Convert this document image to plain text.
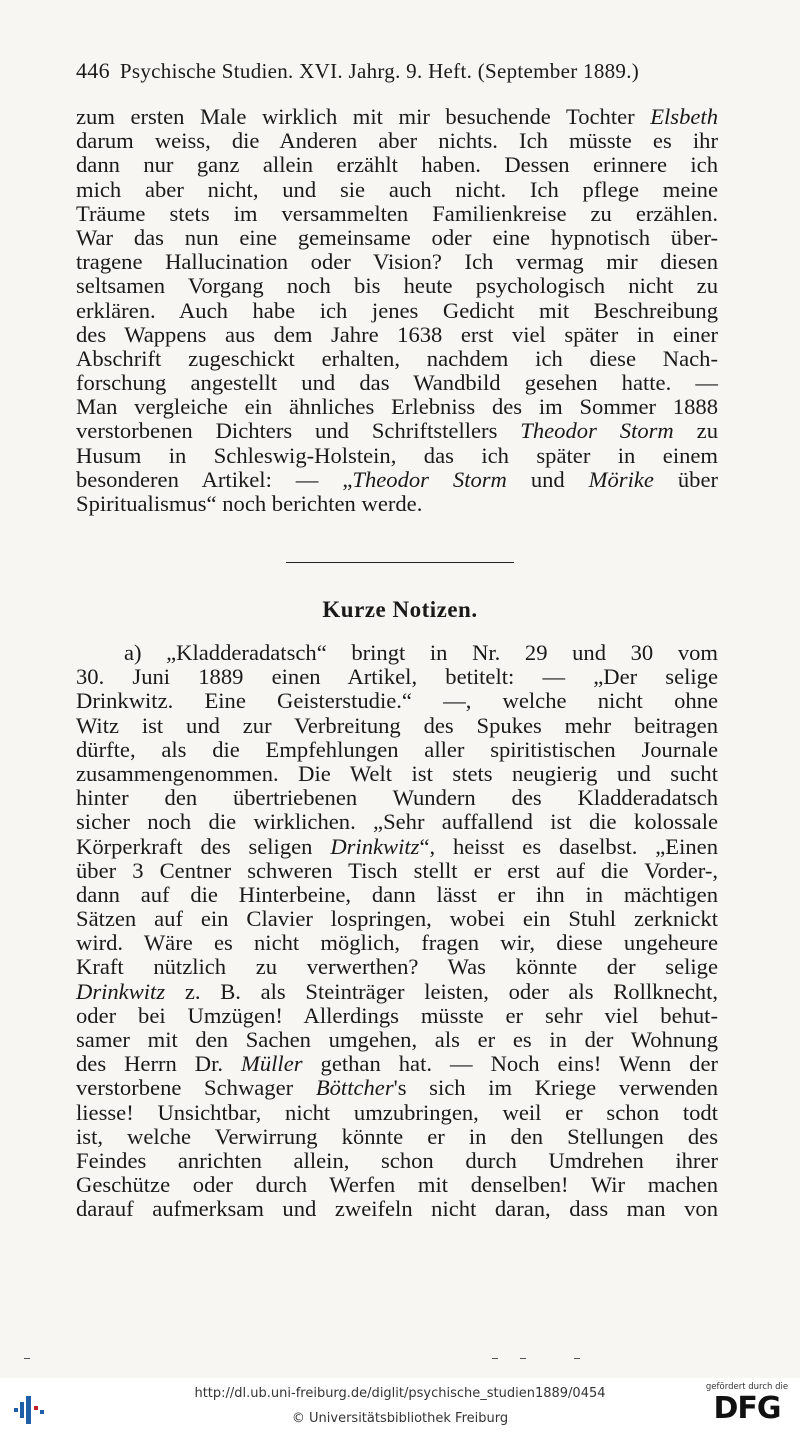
446 Psychische Studien. XVI. Jahrg. 9. Heft. (September 1889.)
zum ersten Male wirklich mit mir besuchende Tochter Elsbeth
darum weiss, die Anderen aber nichts. Ich müsste es ihr
dann nur ganz allein erzählt haben. Dessen erinnere ich
mich aber nicht, und sie auch nicht. Ich pflege meine
Träume stets im versammelten Familienkreise zu erzählen.
War das nun eine gemeinsame oder eine hypnotisch über-
tragene Hallucination oder Vision? Ich vermag mir diesen
seltsamen Vorgang noch bis heute psychologisch nicht zu
erklären. Auch habe ich jenes Gedicht mit Beschreibung
des Wappens aus dem Jahre 1638 erst viel später in einer
Abschrift zugeschickt erhalten, nachdem ich diese Nach-
forschung angestellt und das Wandbild gesehen hatte. —
Man vergleiche ein ähnliches Erlebniss des im Sommer 1888
verstorbenen Dichters und Schriftstellers Theodor Storm zu
Husum in Schleswig-Holstein, das ich später in einem
besonderen Artikel: — „Theodor Storm und Mörike über
Spiritualismus“ noch berichten werde.
Kurze Notizen.
a) „Kladderadatsch“ bringt in Nr. 29 und 30 vom
30. Juni 1889 einen Artikel, betitelt: — „Der selige
Drinkwitz. Eine Geisterstudie.“ —, welche nicht ohne
Witz ist und zur Verbreitung des Spukes mehr beitragen
dürfte, als die Empfehlungen aller spiritistischen Journale
zusammengenommen. Die Welt ist stets neugierig und sucht
hinter den übertriebenen Wundern des Kladderadatsch
sicher noch die wirklichen. „Sehr auffallend ist die kolossale
Körperkraft des seligen Drinkwitz“, heisst es daselbst. „Einen
über 3 Centner schweren Tisch stellt er erst auf die Vorder-,
dann auf die Hinterbeine, dann lässt er ihn in mächtigen
Sätzen auf ein Clavier lospringen, wobei ein Stuhl zerknickt
wird. Wäre es nicht möglich, fragen wir, diese ungeheure
Kraft nützlich zu verwerthen? Was könnte der selige
Drinkwitz z. B. als Steinträger leisten, oder als Rollknecht,
oder bei Umzügen! Allerdings müsste er sehr viel behut-
samer mit den Sachen umgehen, als er es in der Wohnung
des Herrn Dr. Müller gethan hat. — Noch eins! Wenn der
verstorbene Schwager Böttcher's sich im Kriege verwenden
liesse! Unsichtbar, nicht umzubringen, weil er schon todt
ist, welche Verwirrung könnte er in den Stellungen des
Feindes anrichten allein, schon durch Umdrehen ihrer
Geschütze oder durch Werfen mit denselben! Wir machen
darauf aufmerksam und zweifeln nicht daran, dass man von
http://dl.ub.uni-freiburg.de/diglit/psychische_studien1889/0454
© Universitätsbibliothek Freiburg
gefördert durch die
DFG
